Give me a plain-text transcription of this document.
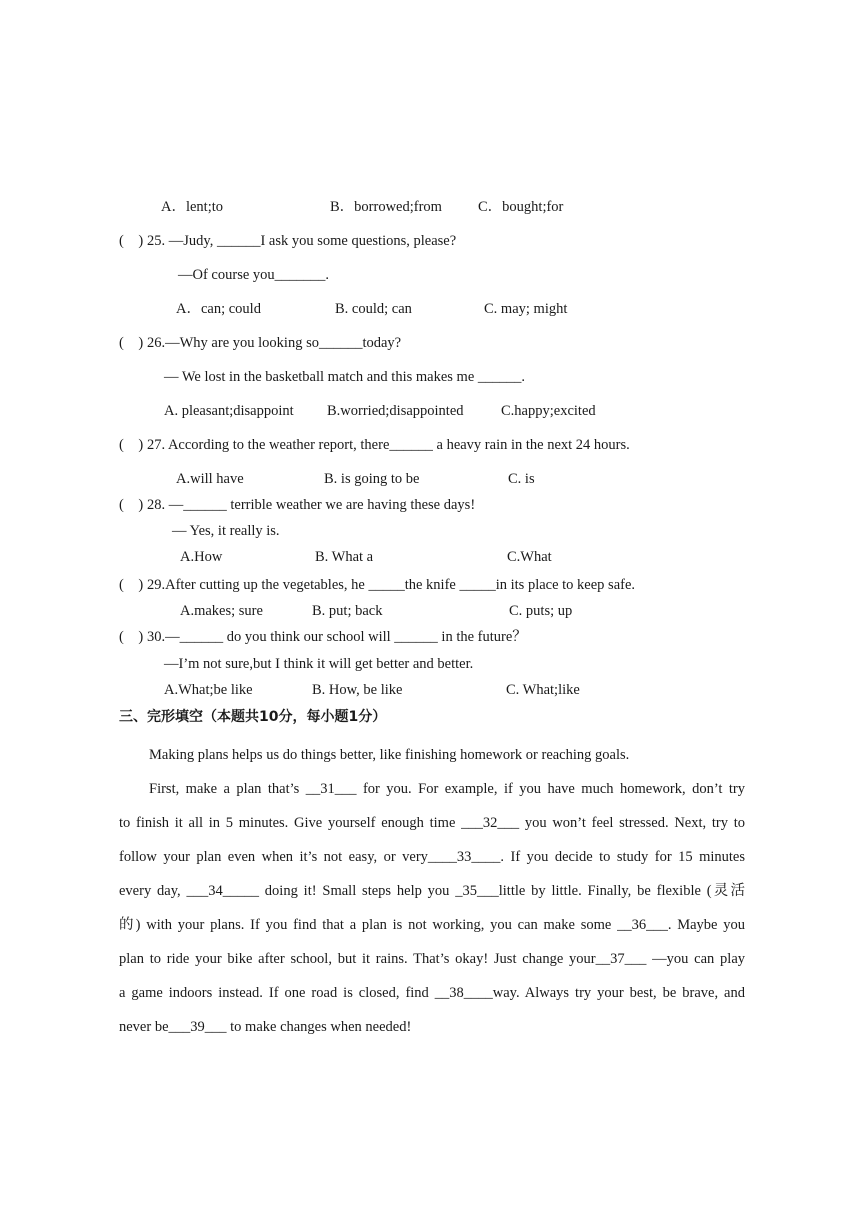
A．lent;to	B．borrowed;from C．bought;for
(　) 25. —Judy, ______I ask you some questions, please?
—Of course you_______.
A．can; could	B. could; can	C. may; might
(　) 26.—Why are you looking so______today?
— We lost in the basketball match and this makes me ______.
A. pleasant;disappoint B.worried;disappointed	C.happy;excited
(　) 27. According to the weather report, there______ a heavy rain in the next 24 hours.
A.will have	B. is going to be	C. is
(　) 28. —______ terrible weather we are having these days!
— Yes, it really is.
A.How	B. What a	C.What
(　) 29.After cutting up the vegetables, he _____the knife _____in its place to keep safe.
A.makes; sure	B. put; back	C. puts; up
(　) 30.—______ do you think our school will ______ in the future？
—I’m not sure,but I think it will get better and better.
A.What;be like	B. How, be like	C. What;like
三、完形填空（本题共10分，每小题1分）
Making plans helps us do things better, like finishing homework or reaching goals.
First, make a plan that’s __31___ for you. For example, if you have much homework, don’t try
to finish it all in 5 minutes. Give yourself enough time ___32___ you won’t feel stressed. Next, try to
follow your plan even when it’s not easy, or very____33____. If you decide to study for 15 minutes
every day, ___34_____ doing it! Small steps help you _35___little by little. Finally, be flexible (灵活
的) with your plans. If you find that a plan is not working, you can make some __36___. Maybe you
plan to ride your bike after school, but it rains. That’s okay! Just change your__37___ —you can play
a game indoors instead. If one road is closed, find __38____way. Always try your best, be brave, and
never be___39___ to make changes when needed!
